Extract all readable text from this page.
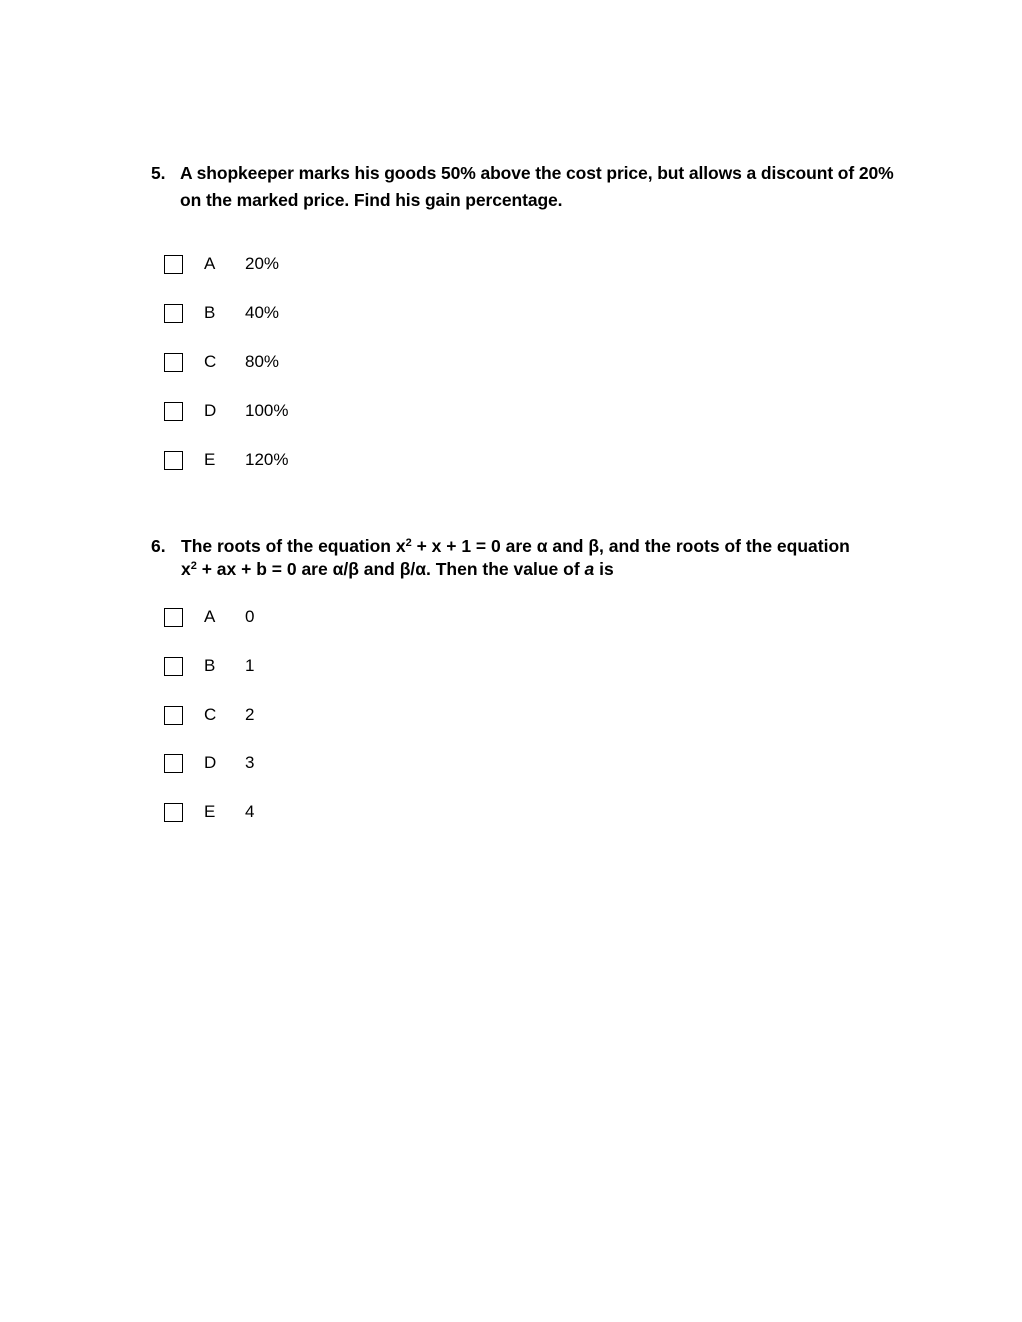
5. A shopkeeper marks his goods 50% above the cost price, but allows a discount of 20%
on the marked price. Find his gain percentage.
A 20%
B 40%
C 80%
D 100%
E 120%
6. The roots of the equation $x^2 + x + 1 = 0$ are α and β, and the roots of the equation
$x^2$ + ax + b = 0 are α/β and β/α. Then the value of a is
A 0
B 1
C 2
D 3
E 4
